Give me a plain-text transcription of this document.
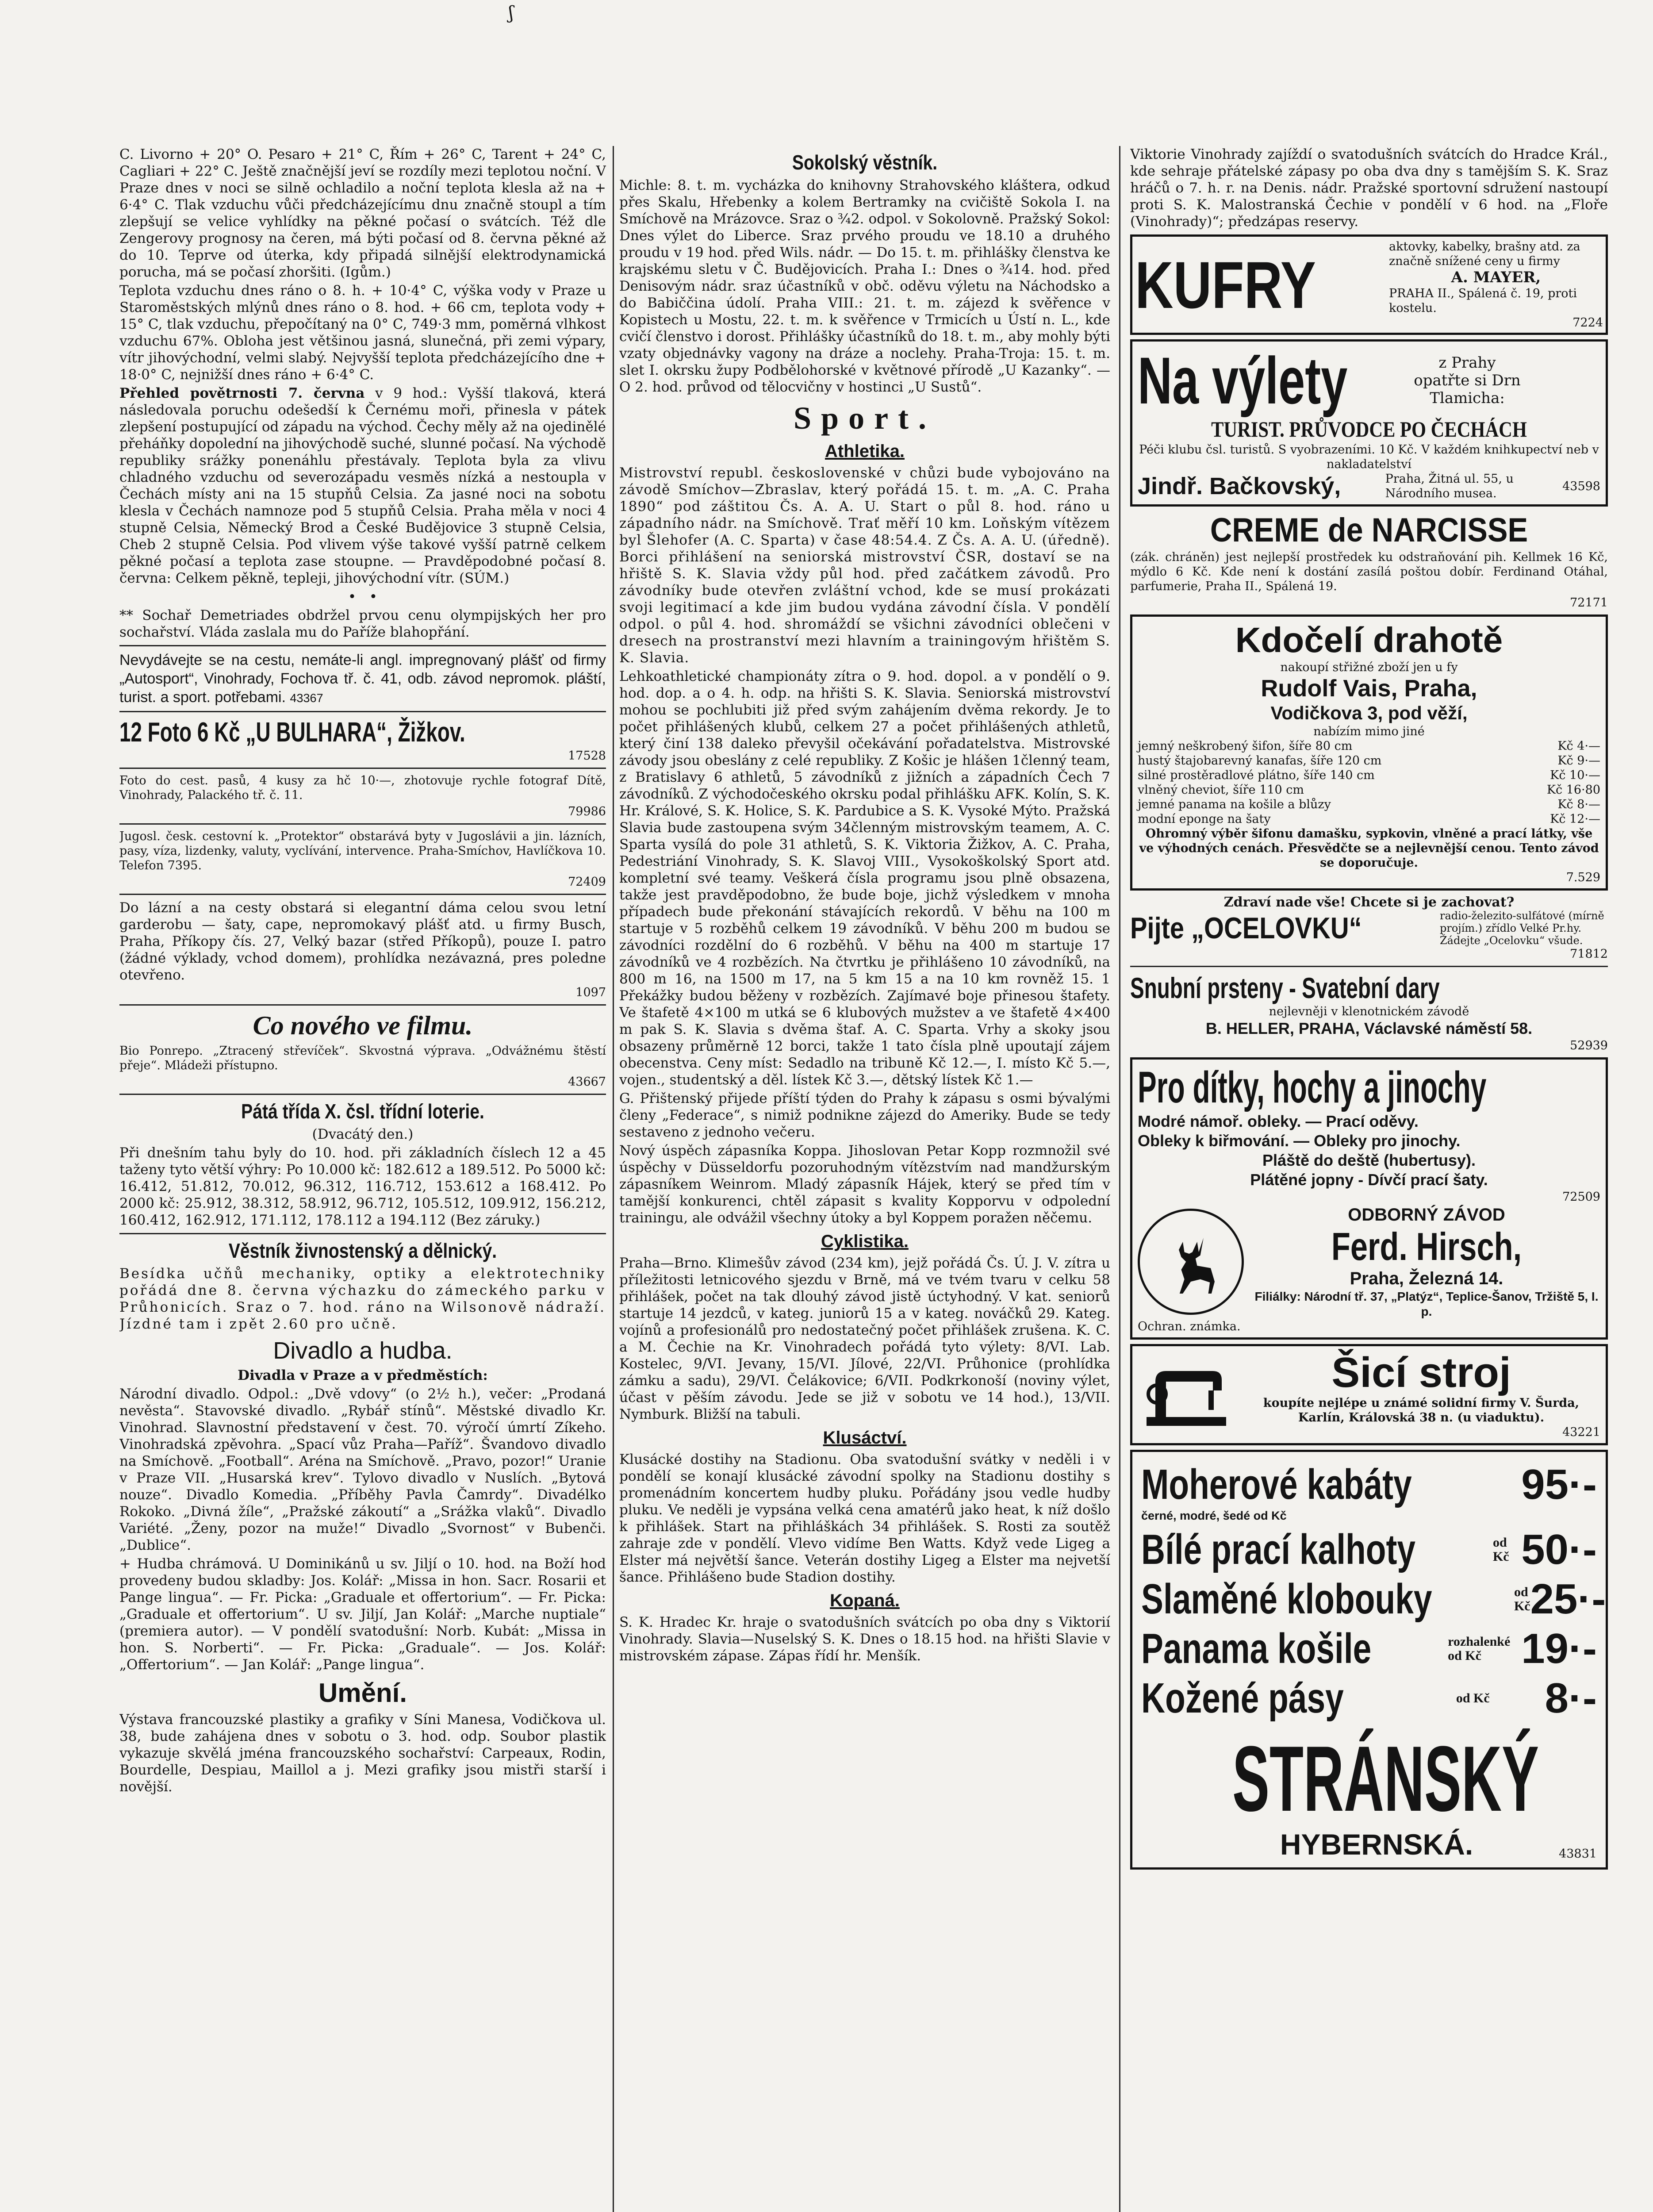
ʃ

C. Livorno + 20° O. Pesaro + 21° C, Řím + 26° C, Tarent + 24° C, Cagliari + 22° C. Ještě značnější jeví se rozdíly mezi teplotou noční. V Praze dnes v noci se silně ochladilo a noční teplota klesla až na + 6·4° C. Tlak vzduchu vůči předcházejícímu dnu značně stoupl a tím zlepšují se velice vyhlídky na pěkné počasí o svátcích. Též dle Zengerovy prognosy na čeren, má býti počasí od 8. června pěkné až do 10. Teprve od úterka, kdy připadá silnější elektrodynamická porucha, má se počasí zhoršiti. (Igům.)

Teplota vzduchu dnes ráno o 8. h. + 10·4° C, výška vody v Praze u Staroměstských mlýnů dnes ráno o 8. hod. + 66 cm, teplota vody + 15° C, tlak vzduchu, přepočítaný na 0° C, 749·3 mm, poměrná vlhkost vzduchu 67%. Obloha jest většinou jasná, slunečná, při zemi výpary, vítr jihovýchodní, velmi slabý. Nejvyšší teplota předcházejícího dne + 18·0° C, nejnižší dnes ráno + 6·4° C.

Přehled povětrnosti 7. června v 9 hod.: Vyšší tlaková, která následovala poruchu odešedší k Černému moři, přinesla v pátek zlepšení postupující od západu na východ. Čechy měly až na ojedinělé přeháňky dopolední na jihovýchodě suché, slunné počasí. Na východě republiky srážky ponenáhlu přestávaly. Teplota byla za vlivu chladného vzduchu od severozápadu vesměs nízká a nestoupla v Čechách místy ani na 15 stupňů Celsia. Za jasné noci na sobotu klesla v Čechách namnoze pod 5 stupňů Celsia. Praha měla v noci 4 stupně Celsia, Německý Brod a České Budějovice 3 stupně Celsia, Cheb 2 stupně Celsia. Pod vlivem výše takové vyšší patrně celkem pěkné počasí a teplota zase stoupne. — Pravděpodobné počasí 8. června: Celkem pěkně, tepleji, jihovýchodní vítr. (SÚM.)

•   •

** Sochař Demetriades obdržel prvou cenu olympijských her pro sochařství. Vláda zaslala mu do Paříže blahopřání.

Nevydávejte se na cestu, nemáte-li angl. impregnovaný plášť od firmy „Autosport“, Vinohrady, Fochova tř. č. 41, odb. závod nepromok. pláští, turist. a sport. potřebami. 43367

12 Foto 6 Kč „U BULHARA“, Žižkov.
17528

Foto do cest. pasů, 4 kusy za hč 10·—, zhotovuje rychle fotograf Dítě, Vinohrady, Palackého tř. č. 11.

79986

Jugosl. česk. cestovní k. „Protektor“ obstarává byty v Jugoslávii a jin. lázních, pasy, víza, lizdenky, valuty, vyclívání, intervence. Praha-Smíchov, Havlíčkova 10. Telefon 7395.

72409

Do lázní a na cesty obstará si elegantní dáma celou svou letní garderobu — šaty, cape, nepromokavý plášť atd. u firmy Busch, Praha, Příkopy čís. 27, Velký bazar (střed Příkopů), pouze I. patro (žádné výklady, vchod domem), prohlídka nezávazná, pres poledne otevřeno.

1097
Co nového ve filmu.

Bio Ponrepo. „Ztracený střevíček“. Skvostná výprava. „Odvážnému štěstí přeje“. Mládeži přístupno.

43667
Pátá třída X. čsl. třídní loterie.
(Dvacátý den.)

Při dnešním tahu byly do 10. hod. při základních číslech 12 a 45 taženy tyto větší výhry: Po 10.000 kč: 182.612 a 189.512. Po 5000 kč: 16.412, 51.812, 70.012, 96.312, 116.712, 153.612 a 168.412. Po 2000 kč: 25.912, 38.312, 58.912, 96.712, 105.512, 109.912, 156.212, 160.412, 162.912, 171.112, 178.112 a 194.112 (Bez záruky.)

Věstník živnostenský a dělnický.

Besídka učňů mechaniky, optiky a elektrotechniky pořádá dne 8. června výchazku do zámeckého parku v Průhonicích. Sraz o 7. hod. ráno na Wilsonově nádraží. Jízdné tam i zpět 2.60 pro učně.

Divadlo a hudba.
Divadla v Praze a v předměstích:

Národní divadlo. Odpol.: „Dvě vdovy“ (o 2½ h.), večer: „Prodaná nevěsta“. Stavovské divadlo. „Rybář stínů“. Městské divadlo Kr. Vinohrad. Slavnostní představení v čest. 70. výročí úmrtí Zíkeho. Vinohradská zpěvohra. „Spací vůz Praha—Paříž“. Švandovo divadlo na Smíchově. „Football“. Aréna na Smíchově. „Pravo, pozor!“ Uranie v Praze VII. „Husarská krev“. Tylovo divadlo v Nuslích. „Bytová nouze“. Divadlo Komedia. „Příběhy Pavla Čamrdy“. Divadélko Rokoko. „Divná žíle“, „Pražské zákoutí“ a „Srážka vlaků“. Divadlo Variété. „Ženy, pozor na muže!“ Divadlo „Svornost“ v Bubenči. „Dublice“.

+ Hudba chrámová. U Dominikánů u sv. Jiljí o 10. hod. na Boží hod provedeny budou skladby: Jos. Kolář: „Missa in hon. Sacr. Rosarii et Pange lingua“. — Fr. Picka: „Graduale et offertorium“. — Fr. Picka: „Graduale et offertorium“. U sv. Jiljí, Jan Kolář: „Marche nuptiale“ (premiera autor). — V pondělí svatodušní: Norb. Kubát: „Missa in hon. S. Norberti“. — Fr. Picka: „Graduale“. — Jos. Kolář: „Offertorium“. — Jan Kolář: „Pange lingua“.

Umění.

Výstava francouzské plastiky a grafiky v Síni Manesa, Vodičkova ul. 38, bude zahájena dnes v sobotu o 3. hod. odp. Soubor plastik vykazuje skvělá jména francouzského sochařství: Carpeaux, Rodin, Bourdelle, Despiau, Maillol a j. Mezi grafiky jsou mistři starší i novější.

Sokolský věstník.

Michle: 8. t. m. vycházka do knihovny Strahovského kláštera, odkud přes Skalu, Hřebenky a kolem Bertramky na cvičiště Sokola I. na Smíchově na Mrázovce. Sraz o ¾2. odpol. v Sokolovně. Pražský Sokol: Dnes výlet do Liberce. Sraz prvého proudu ve 18.10 a druhého proudu v 19 hod. před Wils. nádr. — Do 15. t. m. přihlášky členstva ke krajskému sletu v Č. Budějovicích. Praha I.: Dnes o ¾14. hod. před Denisovým nádr. sraz účastníků v obč. oděvu výletu na Náchodsko a do Babiččina údolí. Praha VIII.: 21. t. m. zájezd k svěřence v Kopistech u Mostu, 22. t. m. k svěřence v Trmicích u Ústí n. L., kde cvičí členstvo i dorost. Přihlášky účastníků do 18. t. m., aby mohly býti vzaty objednávky vagony na dráze a noclehy. Praha-Troja: 15. t. m. slet I. okrsku župy Podbělohorské v květnové přírodě „U Kazanky“. — O 2. hod. průvod od tělocvičny v hostinci „U Sustů“.

Sport.
Athletika.

Mistrovství republ. československé v chůzi bude vybojováno na závodě Smíchov—Zbraslav, který pořádá 15. t. m. „A. C. Praha 1890“ pod záštitou Čs. A. A. U. Start o půl 8. hod. ráno u západního nádr. na Smíchově. Trať měří 10 km. Loňským vítězem byl Šlehofer (A. C. Sparta) v čase 48:54.4. Z Čs. A. A. U. (úředně). Borci přihlášení na seniorská mistrovství ČSR, dostaví se na hřiště S. K. Slavia vždy půl hod. před začátkem závodů. Pro závodníky bude otevřen zvláštní vchod, kde se musí prokázati svoji legitimací a kde jim budou vydána závodní čísla. V pondělí odpol. o půl 4. hod. shromáždí se všichni závodníci oblečeni v dresech na prostranství mezi hlavním a trainingovým hřištěm S. K. Slavia.

Lehkoathletické championáty zítra o 9. hod. dopol. a v pondělí o 9. hod. dop. a o 4. h. odp. na hřišti S. K. Slavia. Seniorská mistrovství mohou se pochlubiti již před svým zahájením dvěma rekordy. Je to počet přihlášených klubů, celkem 27 a počet přihlášených athletů, který činí 138 daleko převyšil očekávání pořadatelstva. Mistrovské závody jsou obeslány z celé republiky. Z Košic je hlášen 1členný team, z Bratislavy 6 athletů, 5 závodníků z jižních a západních Čech 7 závodníků. Z východočeského okrsku podal přihlášku AFK. Kolín, S. K. Hr. Králové, S. K. Holice, S. K. Pardubice a S. K. Vysoké Mýto. Pražská Slavia bude zastoupena svým 34členným mistrovským teamem, A. C. Sparta vysílá do pole 31 athletů, S. K. Viktoria Žižkov, A. C. Praha, Pedestriání Vinohrady, S. K. Slavoj VIII., Vysokoškolský Sport atd. kompletní své teamy. Veškerá čísla programu jsou plně obsazena, takže jest pravděpodobno, že bude boje, jichž výsledkem v mnoha případech bude překonání stávajících rekordů. V běhu na 100 m startuje v 5 rozběhů celkem 19 závodníků. V běhu 200 m budou se závodníci rozdělní do 6 rozběhů. V běhu na 400 m startuje 17 závodníků ve 4 rozbězích. Na čtvrtku je přihlášeno 10 závodníků, na 800 m 16, na 1500 m 17, na 5 km 15 a na 10 km rovněž 15. 1 Překážky budou běženy v rozbězích. Zajímavé boje přinesou štafety. Ve štafetě 4×100 m utká se 6 klubových mužstev a ve štafetě 4×400 m pak S. K. Slavia s dvěma štaf. A. C. Sparta. Vrhy a skoky jsou obsazeny průměrně 12 borci, takže 1 tato čísla plně upoutají zájem obecenstva. Ceny míst: Sedadlo na tribuně Kč 12.—, I. místo Kč 5.—, vojen., studentský a děl. lístek Kč 3.—, dětský lístek Kč 1.—

G. Přištenský přijede příští týden do Prahy k zápasu s osmi bývalými členy „Federace“, s nimiž podnikne zájezd do Ameriky. Bude se tedy sestaveno z jednoho večeru.

Nový úspěch zápasníka Koppa. Jihoslovan Petar Kopp rozmnožil své úspěchy v Düsseldorfu pozoruhodným vítězstvím nad mandžurským zápasníkem Weinrom. Mladý zápasník Hájek, který se před tím v tamější konkurenci, chtěl zápasit s kvality Kopporvu v odpolední trainingu, ale odvážil všechny útoky a byl Koppem poražen něčemu.

Cyklistika.

Praha—Brno. Klimešův závod (234 km), jejž pořádá Čs. Ú. J. V. zítra u příležitosti letnicového sjezdu v Brně, má ve tvém tvaru v celku 58 přihlášek, počet na tak dlouhý závod jistě úctyhodný. V kat. seniorů startuje 14 jezdců, v kateg. juniorů 15 a v kateg. nováčků 29. Kateg. vojínů a profesionálů pro nedostatečný počet přihlášek zrušena. K. C. a M. Čechie na Kr. Vinohradech pořádá tyto výlety: 8/VI. Lab. Kostelec, 9/VI. Jevany, 15/VI. Jílové, 22/VI. Průhonice (prohlídka zámku a sadu), 29/VI. Čelákovice; 6/VII. Podkrkonoší (noviny výlet, účast v pěším závodu. Jede se již v sobotu ve 14 hod.), 13/VII. Nymburk. Bližší na tabuli.

Klusáctví.

Klusácké dostihy na Stadionu. Oba svatodušní svátky v neděli i v pondělí se konají klusácké závodní spolky na Stadionu dostihy s promenádním koncertem hudby pluku. Pořádány jsou vedle hudby pluku. Ve neděli je vypsána velká cena amatérů jako heat, k níž došlo k přihlášek. Start na přihláškách 34 přihlášek. S. Rosti za soutěž zahraje zde v pondělí. Vlevo vidíme Ben Watts. Když vede Ligeg a Elster má největší šance. Veterán dostihy Ligeg a Elster ma nejvetší šance. Přihlášeno bude Stadion dostihy.

Kopaná.

S. K. Hradec Kr. hraje o svatodušních svátcích po oba dny s Viktorií Vinohrady. Slavia—Nuselský S. K. Dnes o 18.15 hod. na hřišti Slavie v mistrovském zápase. Zápas řídí hr. Menšík.

Viktorie Vinohrady zajíždí o svatodušních svátcích do Hradce Král., kde sehraje přátelské zápasy po oba dva dny s tamějším S. K. Sraz hráčů o 7. h. r. na Denis. nádr. Pražské sportovní sdružení nastoupí proti S. K. Malostranská Čechie v pondělí v 6 hod. na „Floře (Vinohrady)“; předzápas reservy.

KUFRY
aktovky, kabelky, brašny atd. za značně snížené ceny u firmy
A. MAYER,
PRAHA II., Spálená č. 19, proti kostelu.
7224
Na výlety	z Prahy opatřte si Drn Tlamicha:
TURIST. PRŮVODCE PO ČECHÁCH
Péči klubu čsl. turistů. S vyobrazeními. 10 Kč. V každém knihkupectví neb v nakladatelství
Jindř. Bačkovský,	Praha, Žitná ul. 55, u Národního musea.
43598
CREME de NARCISSE

(zák. chráněn) jest nejlepší prostředek ku odstraňování pih. Kellmek 16 Kč, mýdlo 6 Kč. Kde není k dostání zasílá poštou dobír. Ferdinand Otáhal, parfumerie, Praha II., Spálená 19.

72171
Kdočelí drahotě
nakoupí střižné zboží jen u fy
Rudolf Vais, Praha,
Vodičkova 3, pod věží,
nabízím mimo jiné
jemný neškrobený šifon, šíře 80 cm	Kč 4·—
hustý štajobarevný kanafas, šíře 120 cm	Kč 9·—
silné prostěradlové plátno, šíře 140 cm	Kč 10·—
vlněný cheviot, šíře 110 cm	Kč 16·80
jemné panama na košile a blůzy	Kč 8·—
modní eponge na šaty	Kč 12·—
Ohromný výběr šifonu damašku, sypkovin, vlněné a prací látky, vše ve výhodných cenách. Přesvědčte se a nejlevnější cenou. Tento závod se doporučuje.
7.529
Zdraví nade vše! Chcete si je zachovat?
Pijte „OCELOVKU“	radio-železito-sulfátové (mírně projím.) zřídlo Velké Pr.hy. Žádejte „Ocelovku“ všude.
71812
Snubní prsteny - Svatební dary
nejlevněji v klenotnickém závodě
B. HELLER, PRAHA, Václavské náměstí 58.
52939
Pro dítky, hochy a jinochy
Modré námoř. obleky. — Prací oděvy.
Obleky k biřmování. — Obleky pro jinochy.
Pláště do deště (hubertusy).
Plátěné jopny - Dívčí prací šaty.
72509
ODBORNÝ ZÁVOD
Ferd. Hirsch,
Praha, Železná 14.
Filiálky: Národní tř. 37, „Platýz“, Teplice-Šanov, Tržiště 5, I. p.
Ochran. známka.
Šicí stroj
koupíte nejlépe u známé solidní firmy V. Šurda, Karlín, Královská 38 n. (u viaduktu).
43221
Moherové kabáty	95·-
černé, modré, šedé od Kč
Bílé prací kalhoty	od Kč 50·-
Slaměné klobouky	od Kč 25·-
Panama košile	rozhalenké od Kč 19·-
Kožené pásy	od Kč 8·-
STRÁNSKÝ
HYBERNSKÁ.	43831
